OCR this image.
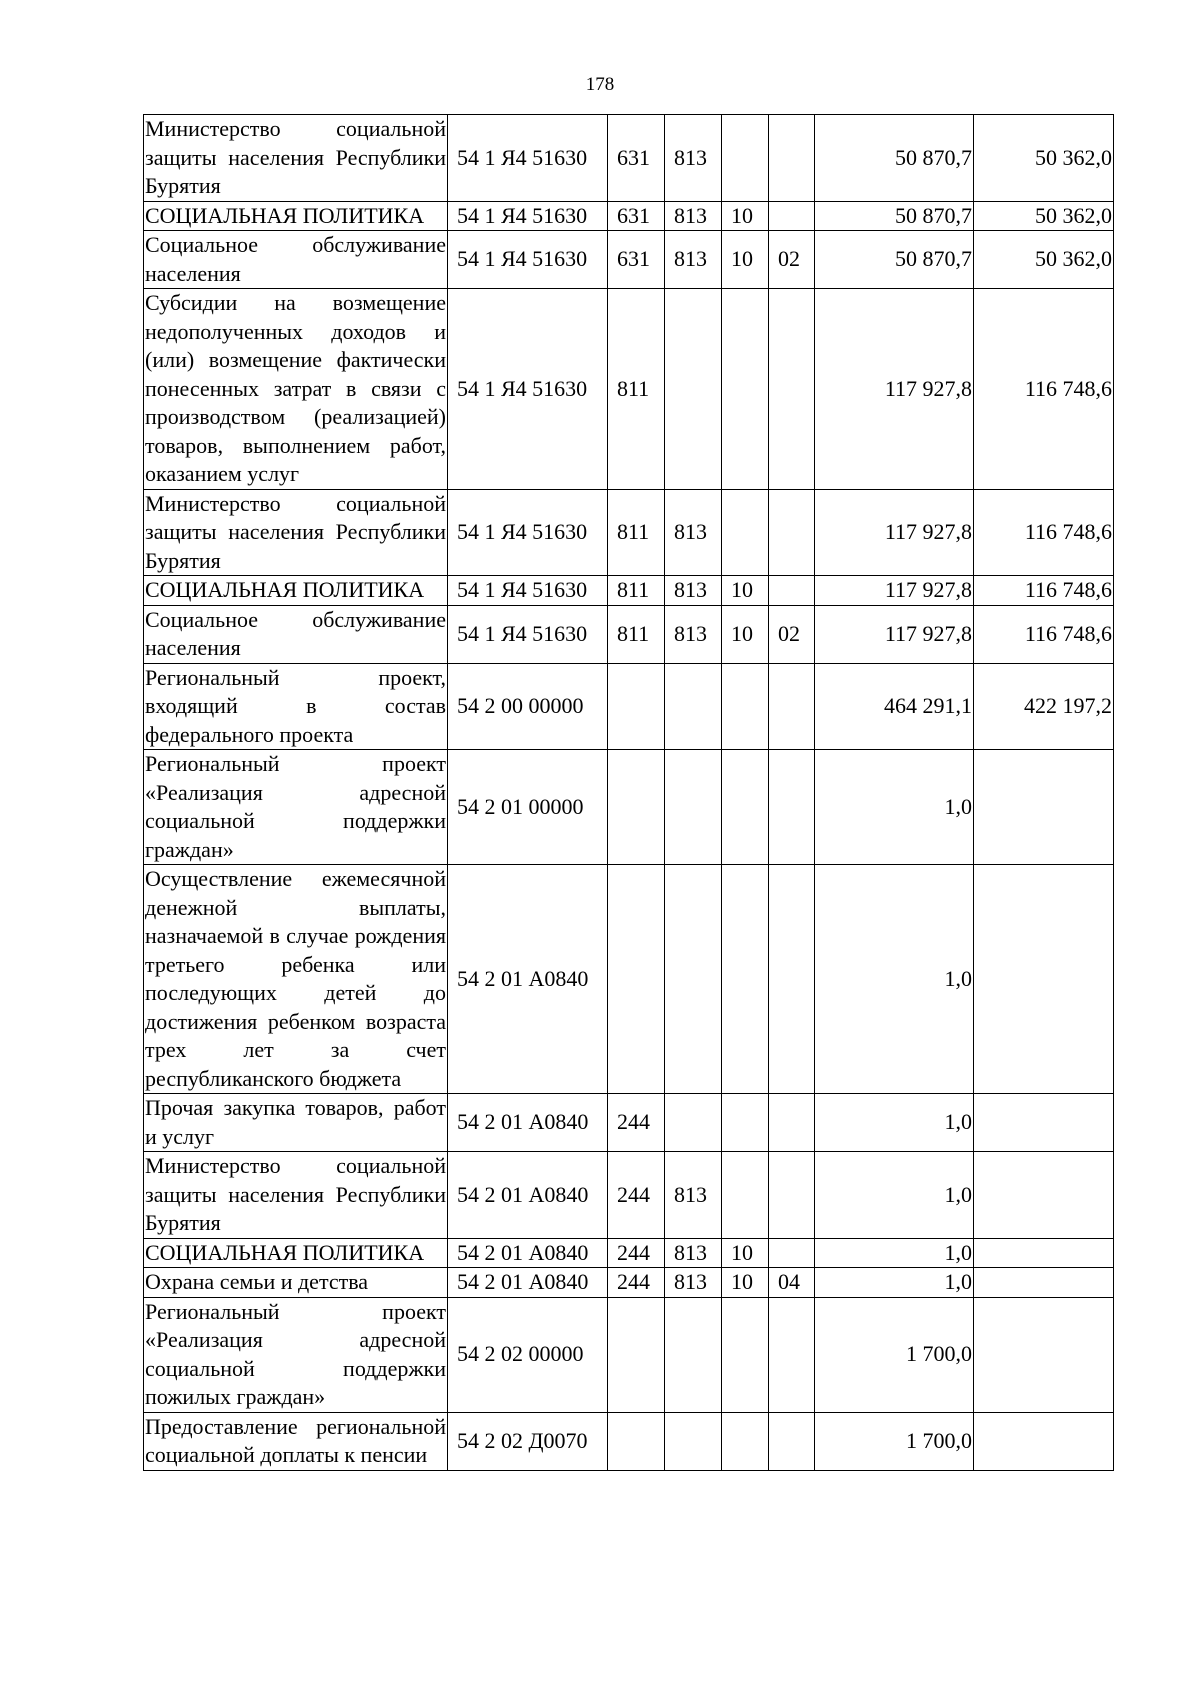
178
Министерство социальной защиты населения Республики Бурятия	54 1 Я4 51630	631	813			50 870,7	50 362,0
СОЦИАЛЬНАЯ ПОЛИТИКА	54 1 Я4 51630	631	813	10		50 870,7	50 362,0
Социальное обслуживание населения	54 1 Я4 51630	631	813	10	02	50 870,7	50 362,0
Субсидии на возмещение недополученных доходов и (или) возмещение фактически понесенных затрат в связи с производством (реализацией) товаров, выполнением работ, оказанием услуг	54 1 Я4 51630	811				117 927,8	116 748,6
Министерство социальной защиты населения Республики Бурятия	54 1 Я4 51630	811	813			117 927,8	116 748,6
СОЦИАЛЬНАЯ ПОЛИТИКА	54 1 Я4 51630	811	813	10		117 927,8	116 748,6
Социальное обслуживание населения	54 1 Я4 51630	811	813	10	02	117 927,8	116 748,6
Региональный проект, входящий в состав федерального проекта	54 2 00 00000					464 291,1	422 197,2
Региональный проект «Реализация адресной социальной поддержки граждан»	54 2 01 00000					1,0	
Осуществление ежемесячной денежной выплаты, назначаемой в случае рождения третьего ребенка или последующих детей до достижения ребенком возраста трех лет за счет республиканского бюджета	54 2 01 А0840					1,0	
Прочая закупка товаров, работ и услуг	54 2 01 А0840	244				1,0	
Министерство социальной защиты населения Республики Бурятия	54 2 01 А0840	244	813			1,0	
СОЦИАЛЬНАЯ ПОЛИТИКА	54 2 01 А0840	244	813	10		1,0	
Охрана семьи и детства	54 2 01 А0840	244	813	10	04	1,0	
Региональный проект «Реализация адресной социальной поддержки пожилых граждан»	54 2 02 00000					1 700,0	
Предоставление региональной социальной доплаты к пенсии	54 2 02 Д0070					1 700,0	
